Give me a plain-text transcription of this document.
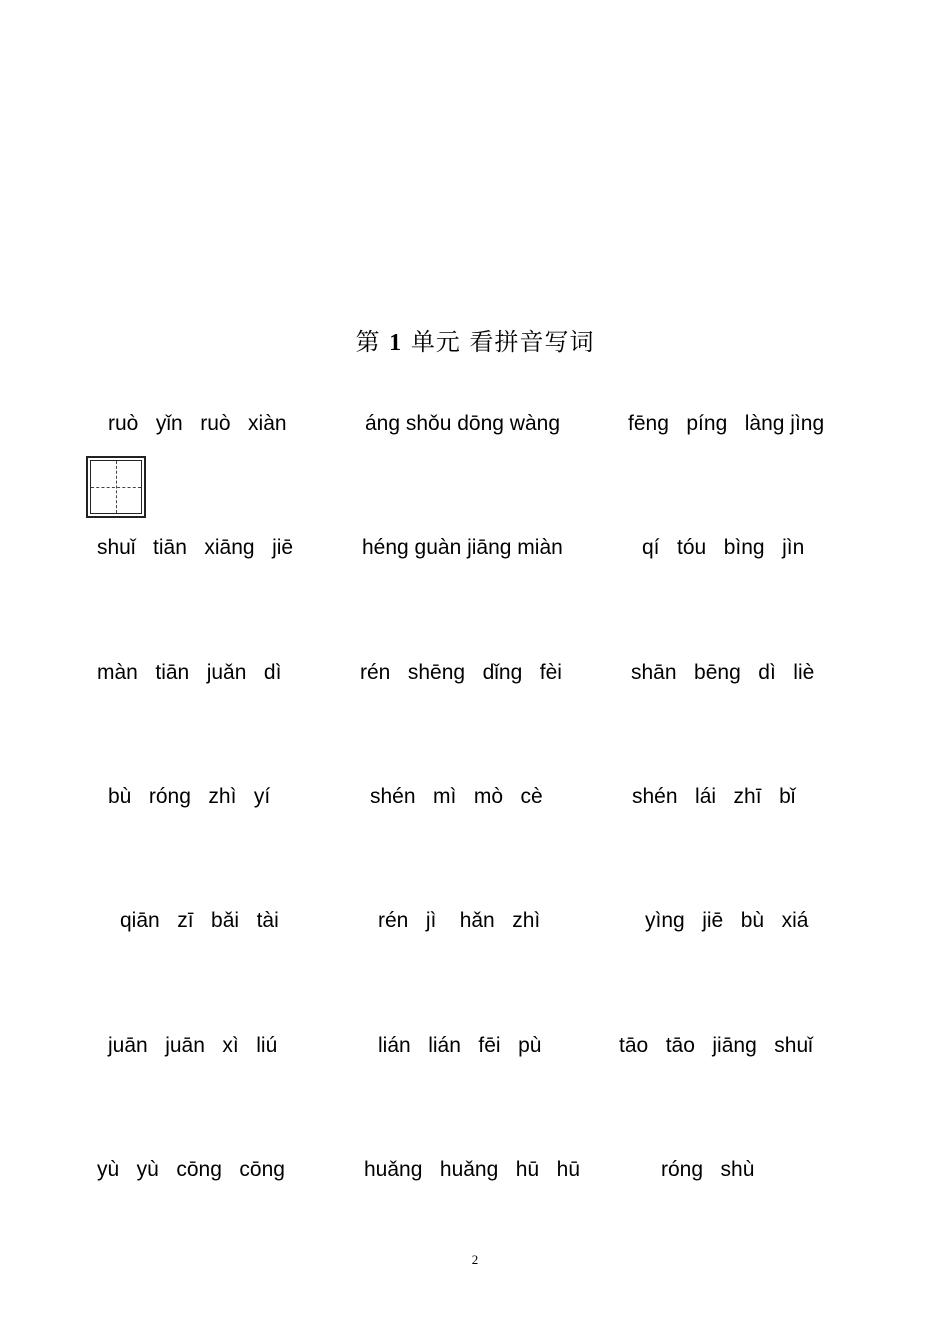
第 1 单元 看拼音写词
ruò   yǐn   ruò   xiàn	áng shǒu dōng wàng	fēng   píng   làng jìng
shuǐ   tiān   xiāng   jiē	héng guàn jiāng miàn	qí   tóu   bìng   jìn
màn   tiān   juǎn   dì	rén   shēng   dǐng   fèi	shān   bēng   dì   liè
bù   róng   zhì   yí	shén   mì   mò   cè	shén   lái   zhī   bǐ
qiān   zī   bǎi   tài	rén   jì    hǎn   zhì	yìng   jiē   bù   xiá
juān   juān   xì   liú	lián   lián   fēi   pù	tāo   tāo   jiāng   shuǐ
yù   yù   cōng   cōng	huǎng   huǎng   hū   hū	róng   shù
2
